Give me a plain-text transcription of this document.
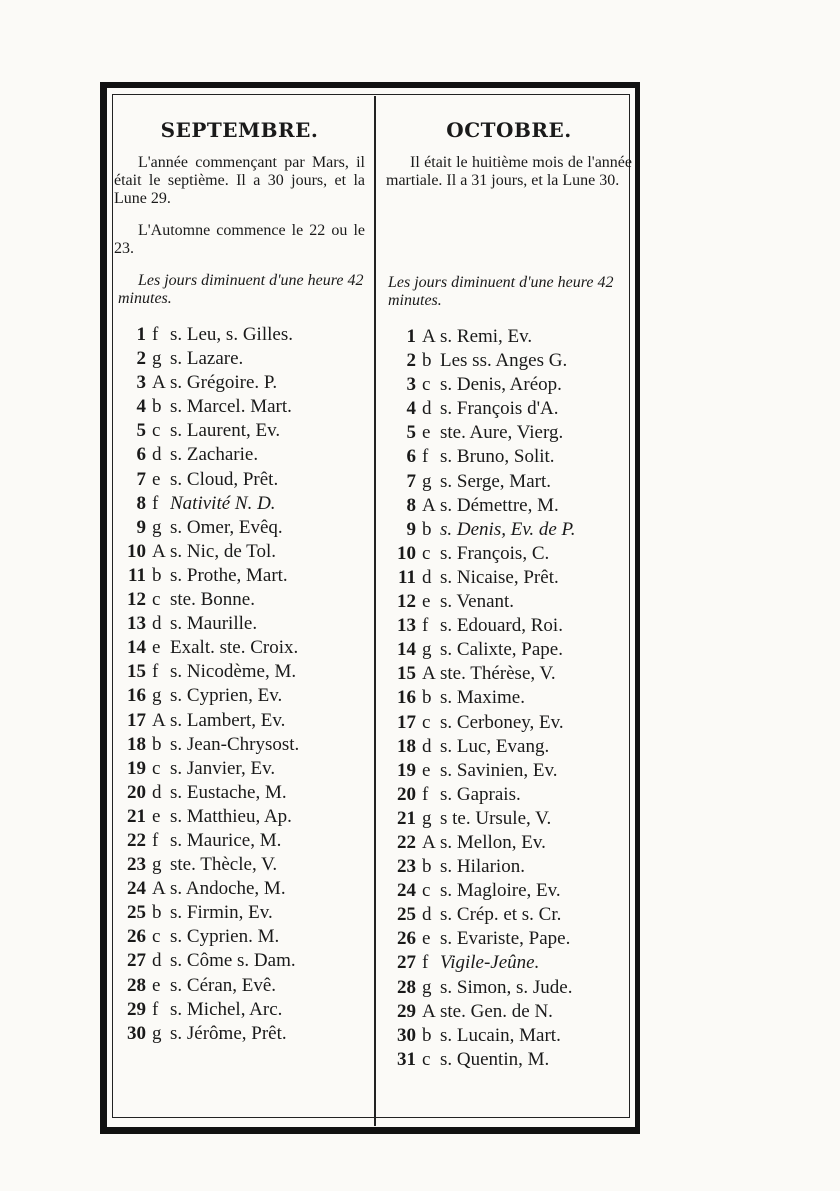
SEPTEMBRE.
L'année commençant par Mars, il était le septième. Il a 30 jours, et la Lune 29.
L'Automne commence le 22 ou le 23.
Les jours diminuent d'une heure 42 minutes.
1 f s. Leu, s. Gilles.
2 g s. Lazare.
3 A s. Grégoire. P.
4 b s. Marcel. Mart.
5 c s. Laurent, Ev.
6 d s. Zacharie.
7 e s. Cloud, Prêt.
8 f Nativité N. D.
9 g s. Omer, Evêq.
10 A s. Nic, de Tol.
11 b s. Prothe, Mart.
12 c ste. Bonne.
13 d s. Maurille.
14 e Exalt. ste. Croix.
15 f s. Nicodème, M.
16 g s. Cyprien, Ev.
17 A s. Lambert, Ev.
18 b s. Jean-Chrysost.
19 c s. Janvier, Ev.
20 d s. Eustache, M.
21 e s. Matthieu, Ap.
22 f s. Maurice, M.
23 g ste. Thècle, V.
24 A s. Andoche, M.
25 b s. Firmin, Ev.
26 c s. Cyprien. M.
27 d s. Côme s. Dam.
28 e s. Céran, Evê.
29 f s. Michel, Arc.
30 g s. Jérôme, Prêt.
OCTOBRE.
Il était le huitième mois de l'année martiale. Il a 31 jours, et la Lune 30.
Les jours diminuent d'une heure 42 minutes.
1 A s. Remi, Ev.
2 b Les ss. Anges G.
3 c s. Denis, Aréop.
4 d s. François d'A.
5 e ste. Aure, Vierg.
6 f s. Bruno, Solit.
7 g s. Serge, Mart.
8 A s. Démettre, M.
9 b s. Denis, Ev. de P.
10 c s. François, C.
11 d s. Nicaise, Prêt.
12 e s. Venant.
13 f s. Edouard, Roi.
14 g s. Calixte, Pape.
15 A ste. Thérèse, V.
16 b s. Maxime.
17 c s. Cerboney, Ev.
18 d s. Luc, Evang.
19 e s. Savinien, Ev.
20 f s. Gaprais.
21 g s te. Ursule, V.
22 A s. Mellon, Ev.
23 b s. Hilarion.
24 c s. Magloire, Ev.
25 d s. Crép. et s. Cr.
26 e s. Evariste, Pape.
27 f Vigile-Jeûne.
28 g s. Simon, s. Jude.
29 A ste. Gen. de N.
30 b s. Lucain, Mart.
31 c s. Quentin, M.
